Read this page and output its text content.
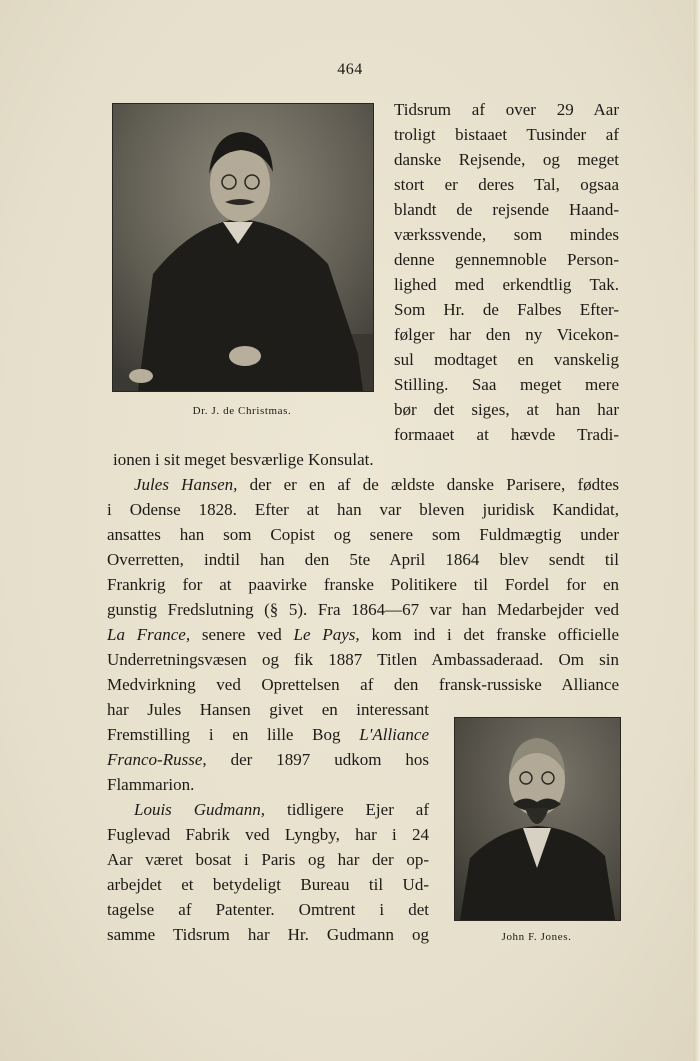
464
Dr. J. de Christmas.
John F. Jones.
Tidsrum af over 29 Aar
troligt bistaaet Tusinder af
danske Rejsende, og meget
stort er deres Tal, ogsaa
blandt de rejsende Haand-
værkssvende, som mindes
denne gennemnoble Person-
lighed med erkendtlig Tak.
Som Hr. de Falbes Efter-
følger har den ny Vicekon-
sul modtaget en vanskelig
Stilling. Saa meget mere
bør det siges, at han har
formaaet at hævde Tradi-
ionen i sit meget besværlige Konsulat.
Jules Hansen, der er en af de ældste danske Parisere, fødtes
i Odense 1828. Efter at han var bleven juridisk Kandidat,
ansattes han som Copist og senere som Fuldmægtig under
Overretten, indtil han den 5te April 1864 blev sendt til
Frankrig for at paavirke franske Politikere til Fordel for en
gunstig Fredslutning (§ 5). Fra 1864—67 var han Medarbejder ved
La France, senere ved Le Pays, kom ind i det franske officielle
Underretningsvæsen og fik 1887 Titlen Ambassaderaad. Om sin
Medvirkning ved Oprettelsen af den fransk-russiske Alliance
har Jules Hansen givet en interessant
Fremstilling i en lille Bog L'Alliance
Franco-Russe, der 1897 udkom hos
Flammarion.
Louis Gudmann, tidligere Ejer af
Fuglevad Fabrik ved Lyngby, har i 24
Aar været bosat i Paris og har der op-
arbejdet et betydeligt Bureau til Ud-
tagelse af Patenter. Omtrent i det
samme Tidsrum har Hr. Gudmann og
